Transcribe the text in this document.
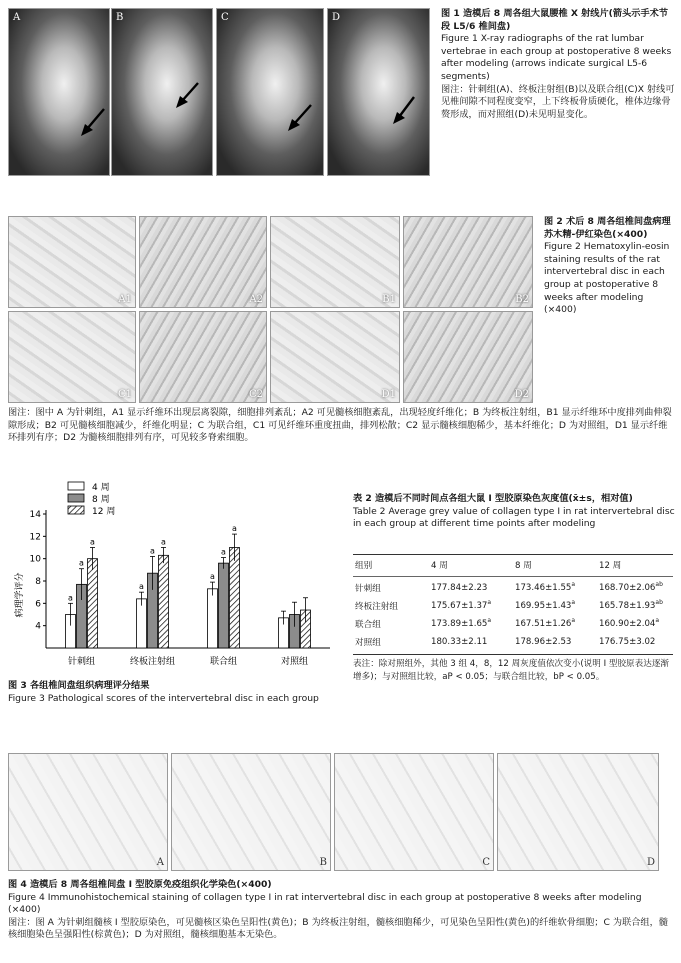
A	B	C	D	图 1 造模后 8 周各组大鼠腰椎 X 射线片(箭头示手术节段 L5/6 椎间盘)
Figure 1 X-ray radiographs of the rat lumbar vertebrae in each group at postoperative 8 weeks after modeling (arrows indicate surgical L5-6 segments)
图注：针刺组(A)、终板注射组(B)以及联合组(C)X 射线可见椎间隙不同程度变窄，上下终板骨质硬化，椎体边缘骨赘形成，而对照组(D)未见明显变化。
A1	A2	B1	B2
C1	C2	D1	D2
图 2 术后 8 周各组椎间盘病理苏木精-伊红染色(×400)
Figure 2 Hematoxylin-eosin staining results of the rat intervertebral disc in each group at postoperative 8 weeks after modeling (×400)
图注：图中 A 为针刺组，A1 显示纤维环出现层离裂隙，细胞排列紊乱；A2 可见髓核细胞紊乱，出现轻度纤维化；B 为终板注射组，B1 显示纤维环中度排列曲伸裂隙形成；B2 可见髓核细胞减少，纤维化明显；C 为联合组，C1 可见纤维环重度扭曲，排列松散；C2 显示髓核细胞稀少，基本纤维化；D 为对照组，D1 显示纤维环排列有序；D2 为髓核细胞排列有序，可见较多脊索细胞。
病理学评分
4 周
8 周
12 周
4
6
8
10
12
14
针刺组	终板注射组	联合组	对照组
a
a
a
a
a
a
a
a
a
图 3 各组椎间盘组织病理评分结果
Figure 3 Pathological scores of the intervertebral disc in each group
表 2 造模后不同时间点各组大鼠 I 型胶原染色灰度值(x̄±s，相对值)
Table 2 Average grey value of collagen type I in rat intervertebral disc in each group at different time points after modeling
组别	4 周	8 周	12 周
针刺组	177.84±2.23	173.46±1.55$^a$	168.70±2.06$^{ab}$
终板注射组	175.67±1.37$^a$	169.95±1.43$^a$	165.78±1.93$^{ab}$
联合组	173.89±1.65$^a$	167.51±1.26$^a$	160.90±2.04$^a$
对照组	180.33±2.11	178.96±2.53	176.75±3.02
表注：除对照组外，其他 3 组 4，8，12 周灰度值依次变小(说明 I 型胶原表达逐渐增多)；与对照组比较，aP < 0.05；与联合组比较，bP < 0.05。
A	B	C	D
图 4 造模后 8 周各组椎间盘 I 型胶原免疫组织化学染色(×400)
Figure 4 Immunohistochemical staining of collagen type I in rat intervertebral disc in each group at postoperative 8 weeks after modeling (×400)
图注：图 A 为针刺组髓核 I 型胶原染色，可见髓核区染色呈阳性(黄色)；B 为终板注射组，髓核细胞稀少，可见染色呈阳性(黄色)的纤维软骨细胞；C 为联合组，髓核细胞染色呈强阳性(棕黄色)；D 为对照组，髓核细胞基本无染色。
